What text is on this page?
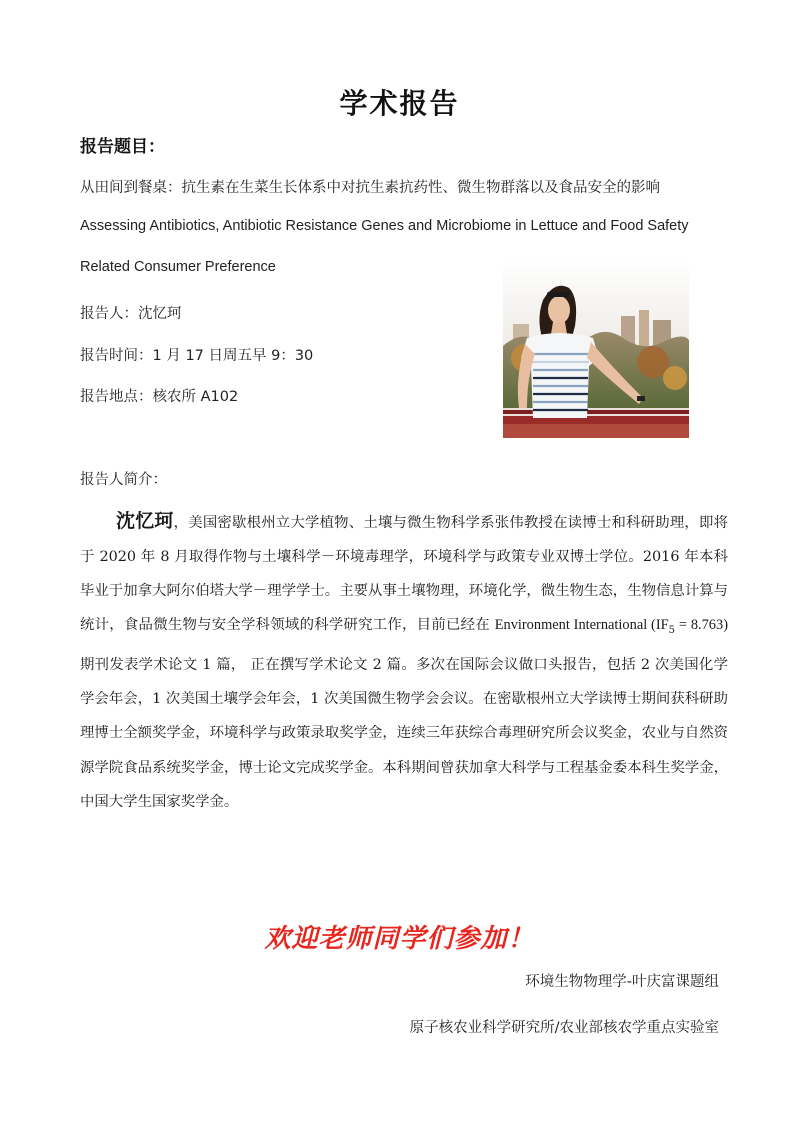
学术报告
报告题目：
从田间到餐桌：抗生素在生菜生长体系中对抗生素抗药性、微生物群落以及食品安全的影响
Assessing Antibiotics, Antibiotic Resistance Genes and Microbiome in Lettuce and Food Safety
Related Consumer Preference
报告人：沈忆珂
报告时间：1 月 17 日周五早 9：30
报告地点：核农所 A102
报告人简介：
沈忆珂，美国密歇根州立大学植物、土壤与微生物科学系张伟教授在读博士和科研助理，即将于 2020 年 8 月取得作物与土壤科学－环境毒理学，环境科学与政策专业双博士学位。2016 年本科毕业于加拿大阿尔伯塔大学－理学学士。主要从事土壤物理，环境化学，微生物生态，生物信息计算与统计，食品微生物与安全学科领域的科学研究工作，目前已经在 Environment International $(IF_5 = 8.763)$期刊发表学术论文 1 篇， 正在撰写学术论文 2 篇。多次在国际会议做口头报告，包括 2 次美国化学学会年会，1 次美国土壤学会年会，1 次美国微生物学会会议。在密歇根州立大学读博士期间获科研助理博士全额奖学金，环境科学与政策录取奖学金，连续三年获综合毒理研究所会议奖金，农业与自然资源学院食品系统奖学金，博士论文完成奖学金。本科期间曾获加拿大科学与工程基金委本科生奖学金，中国大学生国家奖学金。
欢迎老师同学们参加！
环境生物物理学-叶庆富课题组
原子核农业科学研究所/农业部核农学重点实验室
